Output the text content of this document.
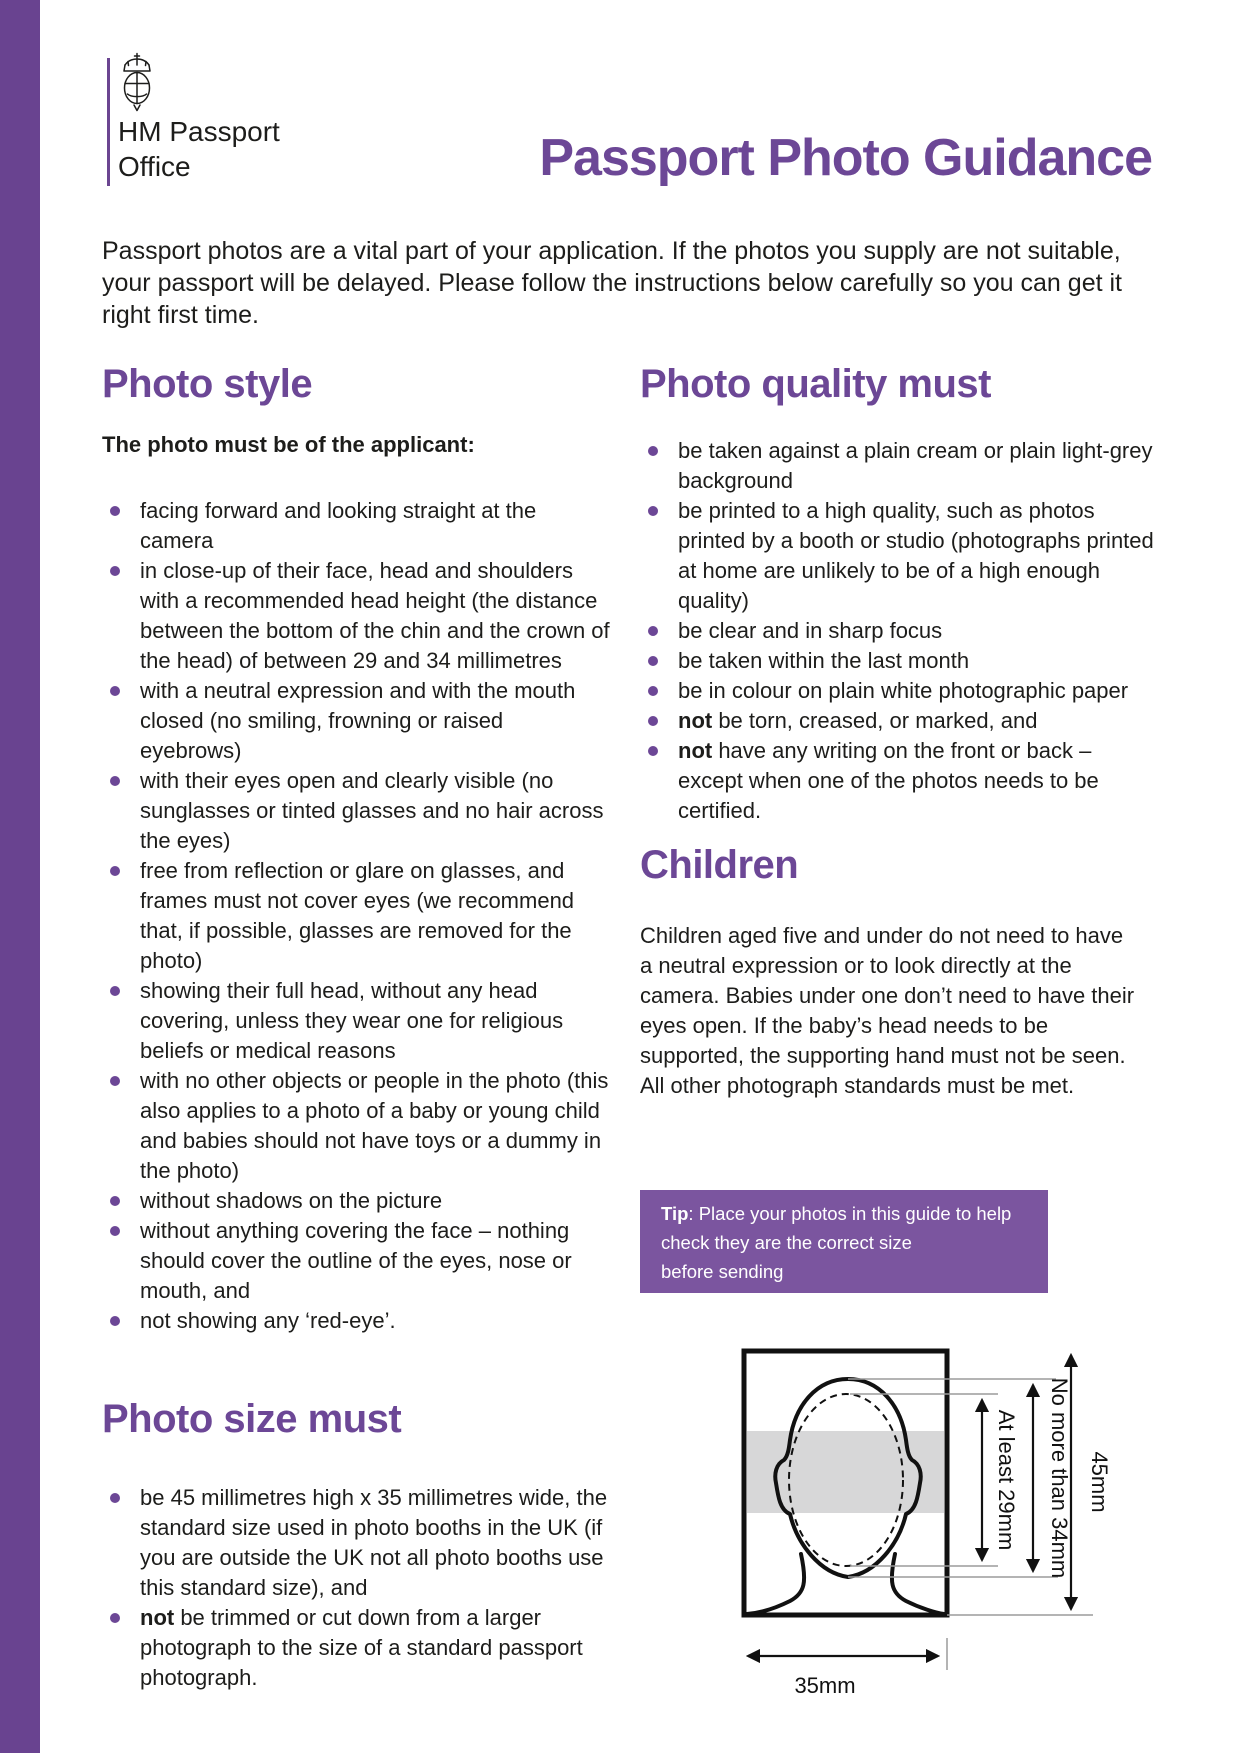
HM Passport
Office	Passport Photo Guidance

Passport photos are a vital part of your application. If the photos you supply are not suitable, your passport will be delayed. Please follow the instructions below carefully so you can get it right first time.

Photo style
The photo must be of the applicant:
facing forward and looking straight at the camera
in close-up of their face, head and shoulders with a recommended head height (the distance between the bottom of the chin and the crown of the head) of between 29 and 34 millimetres
with a neutral expression and with the mouth closed (no smiling, frowning or raised eyebrows)
with their eyes open and clearly visible (no sunglasses or tinted glasses and no hair across the eyes)
free from reflection or glare on glasses, and frames must not cover eyes (we recommend that, if possible, glasses are removed for the photo)
showing their full head, without any head covering, unless they wear one for religious beliefs or medical reasons
with no other objects or people in the photo (this also applies to a photo of a baby or young child and babies should not have toys or a dummy in the photo)
without shadows on the picture
without anything covering the face – nothing should cover the outline of the eyes, nose or mouth, and
not showing any ‘red-eye’.
Photo size must
be 45 millimetres high x 35 millimetres wide, the standard size used in photo booths in the UK (if you are outside the UK not all photo booths use this standard size), and
not be trimmed or cut down from a larger photograph to the size of a standard passport photograph.
Photo quality must
be taken against a plain cream or plain light-grey background
be printed to a high quality, such as photos printed by a booth or studio (photographs printed at home are unlikely to be of a high enough quality)
be clear and in sharp focus
be taken within the last month
be in colour on plain white photographic paper
not be torn, creased, or marked, and
not have any writing on the front or back – except when one of the photos needs to be certified.
Children

Children aged five and under do not need to have a neutral expression or to look directly at the camera. Babies under one don’t need to have their eyes open. If the baby’s head needs to be supported, the supporting hand must not be seen. All other photograph standards must be met.

Tip: Place your photos in this guide to help
check they are the correct size
before sending

At least 29mm No more than 34mm 45mm
35mm
